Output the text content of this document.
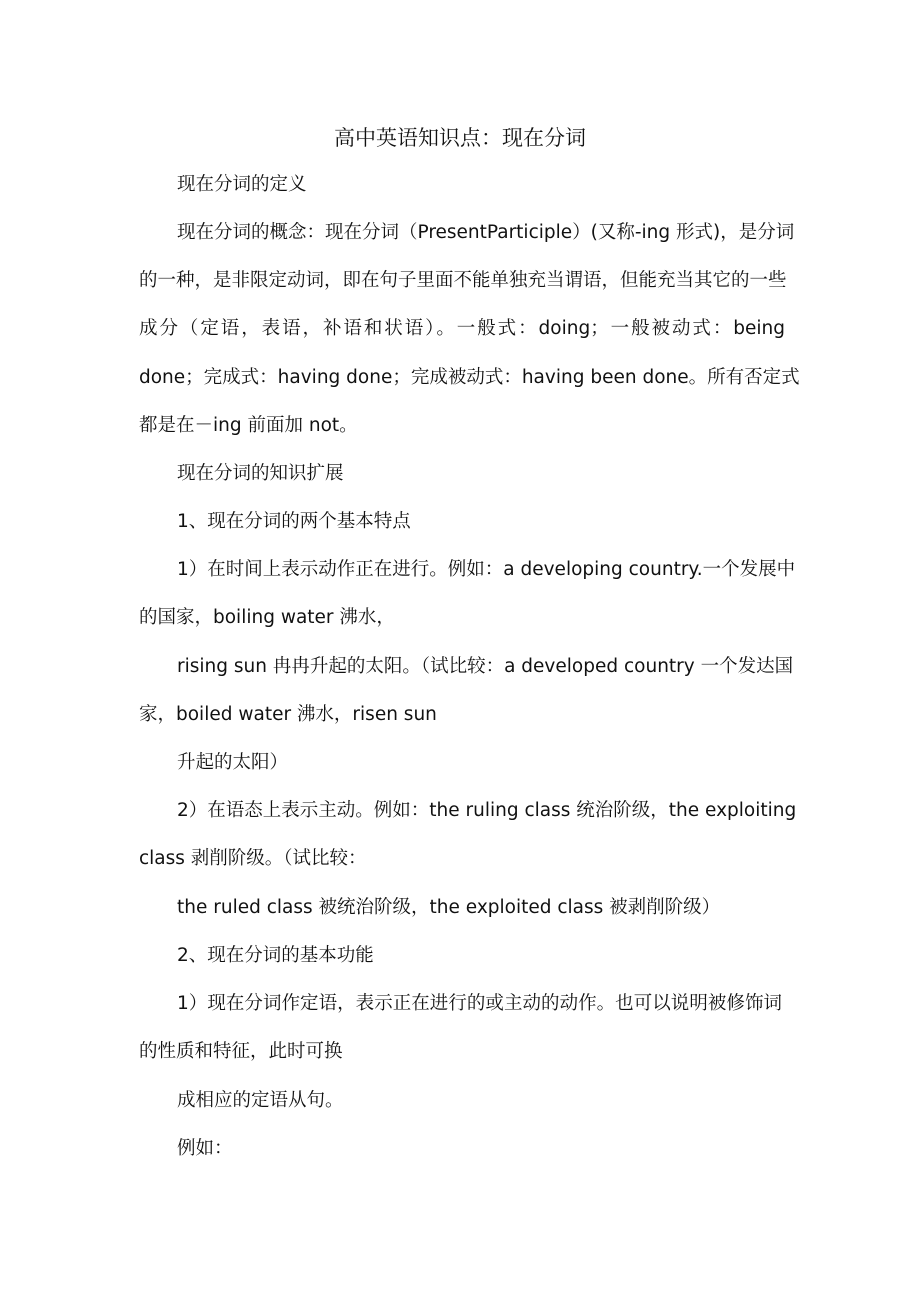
高中英语知识点：现在分词
现在分词的定义
现在分词的概念：现在分词（PresentParticiple）(又称-ing 形式)，是分词
的一种，是非限定动词，即在句子里面不能单独充当谓语，但能充当其它的一些
成分（定语，表语，补语和状语）。一般式：doing；一般被动式：being
done；完成式：having done；完成被动式：having been done。所有否定式
都是在－ing 前面加 not。
现在分词的知识扩展
1、现在分词的两个基本特点
1）在时间上表示动作正在进行。例如：a developing country.一个发展中
的国家，boiling water 沸水，
rising sun 冉冉升起的太阳。（试比较：a developed country 一个发达国
家，boiled water 沸水，risen sun
升起的太阳）
2）在语态上表示主动。例如：the ruling class 统治阶级，the exploiting
class 剥削阶级。（试比较：
the ruled class 被统治阶级，the exploited class 被剥削阶级）
2、现在分词的基本功能
1）现在分词作定语，表示正在进行的或主动的动作。也可以说明被修饰词
的性质和特征，此时可换
成相应的定语从句。
例如：
